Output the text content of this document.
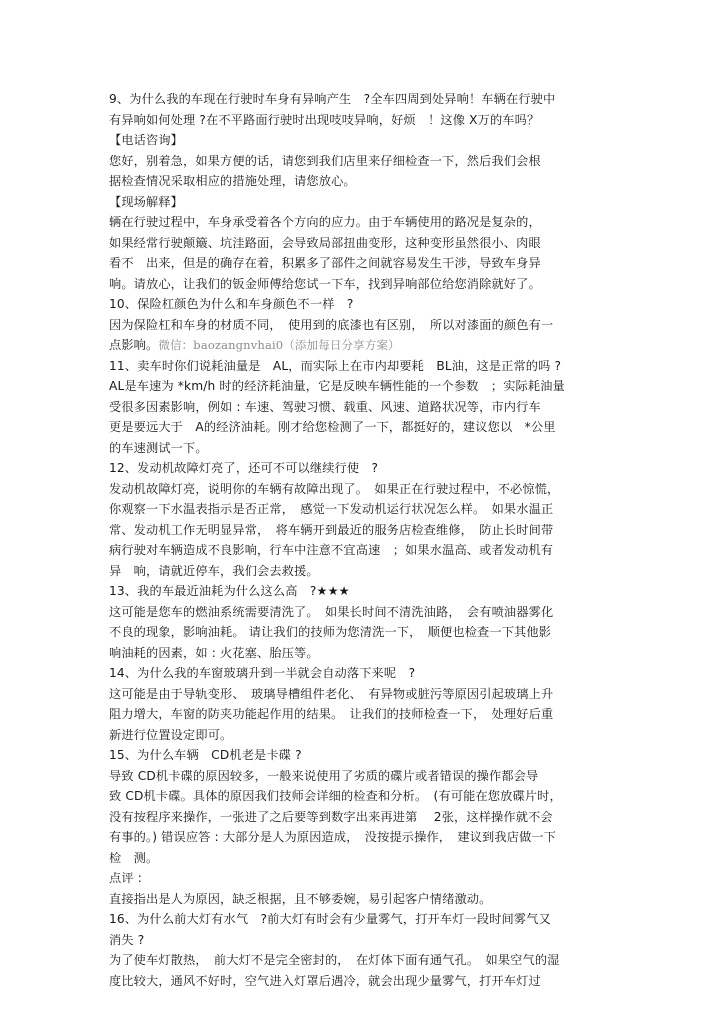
9、为什么我的车现在行驶时车身有异响产生　?全车四周到处异响！车辆在行驶中
有异响如何处理 ?在不平路面行驶时出现吱吱异响，好烦　！这像 X万的车吗？
【电话咨询】
您好，别着急，如果方便的话，请您到我们店里来仔细检查一下，然后我们会根
据检查情况采取相应的措施处理，请您放心。
【现场解释】
辆在行驶过程中，车身承受着各个方向的应力。由于车辆使用的路况是复杂的，
如果经常行驶颠簸、坑洼路面，会导致局部扭曲变形，这种变形虽然很小、肉眼
看不　出来，但是的确存在着，积累多了部件之间就容易发生干涉，导致车身异
响。请放心，让我们的钣金师傅给您试一下车，找到异响部位给您消除就好了。
10、保险杠颜色为什么和车身颜色不一样　?
因为保险杠和车身的材质不同，　使用到的底漆也有区别，　所以对漆面的颜色有一
点影响。微信：baozangnvhai0（添加每日分享方案）
11、卖车时你们说耗油量是　AL，而实际上在市内却要耗　BL油，这是正常的吗 ?
AL是车速为 *km/h 时的经济耗油量，它是反映车辆性能的一个参数　；实际耗油量
受很多因素影响，例如 : 车速、驾驶习惯、载重、风速、道路状况等，市内行车
更是要远大于　A的经济油耗。刚才给您检测了一下，都挺好的，建议您以　*公里
的车速测试一下。
12、发动机故障灯亮了，还可不可以继续行使　?
发动机故障灯亮，说明你的车辆有故障出现了。　如果正在行驶过程中，不必惊慌，
你观察一下水温表指示是否正常，　感觉一下发动机运行状况怎么样。　如果水温正
常、发动机工作无明显异常，　将车辆开到最近的服务店检查维修，　防止长时间带
病行驶对车辆造成不良影响，行车中注意不宜高速　；如果水温高、或者发动机有
异　响，请就近停车，我们会去救援。
13、我的车最近油耗为什么这么高　?★★★
这可能是您车的燃油系统需要清洗了。　如果长时间不清洗油路，　会有喷油器雾化
不良的现象，影响油耗。 请让我们的技师为您清洗一下，　顺便也检查一下其他影
响油耗的因素，如 : 火花塞、胎压等。
14、为什么我的车窗玻璃升到一半就会自动落下来呢　?
这可能是由于导轨变形、　玻璃导槽组件老化、　有异物或脏污等原因引起玻璃上升
阻力增大，车窗的防夹功能起作用的结果。　让我们的技师检查一下，　处理好后重
新进行位置设定即可。
15、为什么车辆　CD机老是卡碟 ?
导致 CD机卡碟的原因较多，一般来说使用了劣质的碟片或者错误的操作都会导
致 CD机卡碟。具体的原因我们技师会详细的检查和分析。　(有可能在您放碟片时，
没有按程序来操作，一张进了之后要等到数字出来再进第　 2张，这样操作就不会
有事的。) 错误应答 : 大部分是人为原因造成，　没按提示操作，　建议到我店做一下
检　测。
点评 :
直接指出是人为原因，缺乏根据，且不够委婉，易引起客户情绪激动。
16、为什么前大灯有水气　?前大灯有时会有少量雾气，打开车灯一段时间雾气又
消失 ?
为了使车灯散热，　前大灯不是完全密封的，　在灯体下面有通气孔。　如果空气的湿
度比较大，通风不好时，空气进入灯罩后遇冷，就会出现少量雾气，打开车灯过
